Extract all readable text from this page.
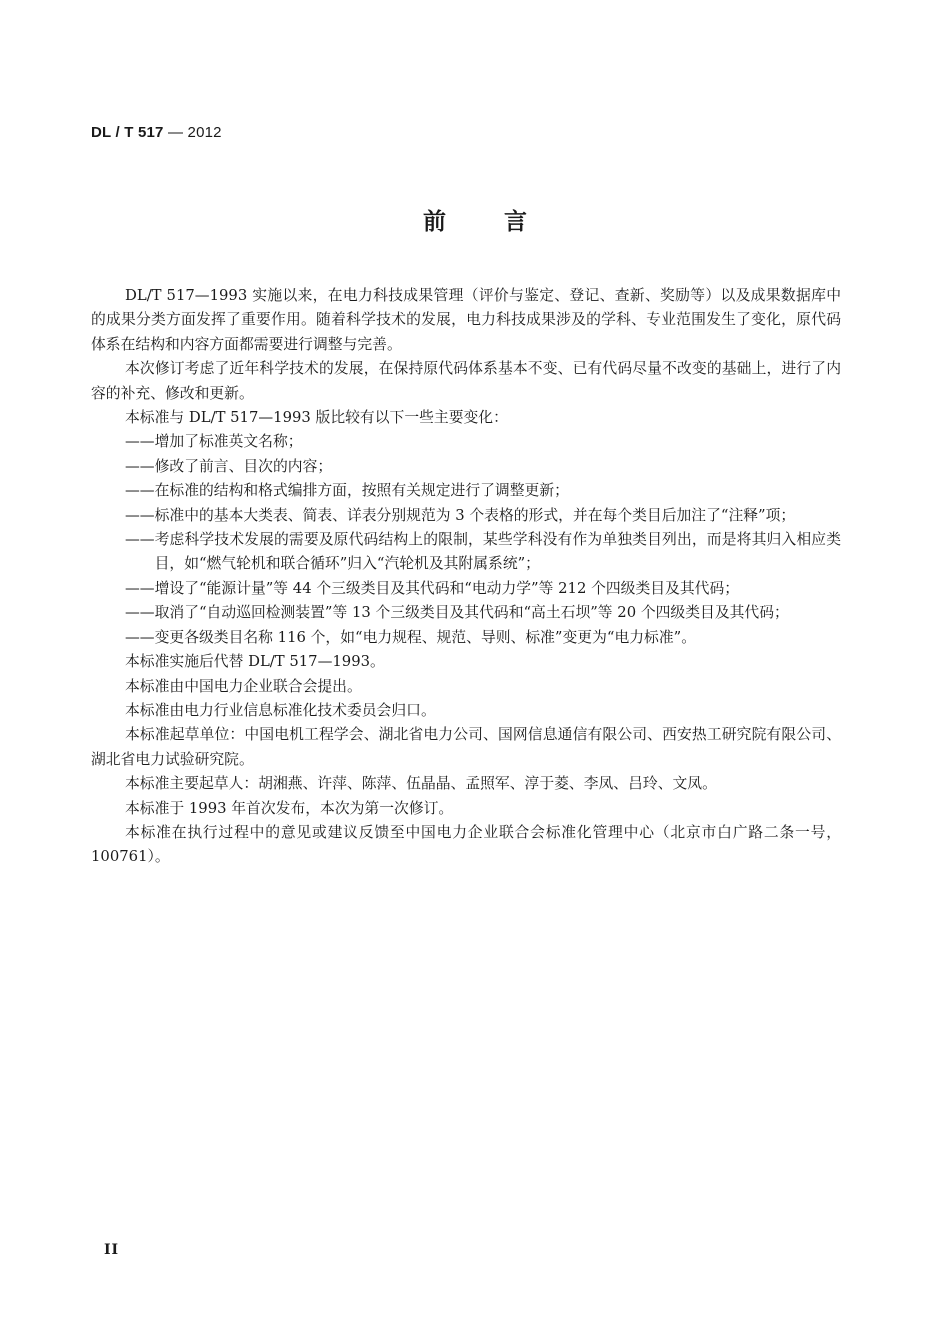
DL / T 517 — 2012
前言

DL/T 517—1993 实施以来，在电力科技成果管理（评价与鉴定、登记、查新、奖励等）以及成果数据库中的成果分类方面发挥了重要作用。随着科学技术的发展，电力科技成果涉及的学科、专业范围发生了变化，原代码体系在结构和内容方面都需要进行调整与完善。

本次修订考虑了近年科学技术的发展，在保持原代码体系基本不变、已有代码尽量不改变的基础上，进行了内容的补充、修改和更新。

本标准与 DL/T 517—1993 版比较有以下一些主要变化：

—— 增加了标准英文名称；
—— 修改了前言、目次的内容；
—— 在标准的结构和格式编排方面，按照有关规定进行了调整更新；
—— 标准中的基本大类表、简表、详表分别规范为 3 个表格的形式，并在每个类目后加注了“注释”项；
—— 考虑科学技术发展的需要及原代码结构上的限制，某些学科没有作为单独类目列出，而是将其归入相应类目，如“燃气轮机和联合循环”归入“汽轮机及其附属系统”；
—— 增设了“能源计量”等 44 个三级类目及其代码和“电动力学”等 212 个四级类目及其代码；
—— 取消了“自动巡回检测装置”等 13 个三级类目及其代码和“高土石坝”等 20 个四级类目及其代码；
—— 变更各级类目名称 116 个，如“电力规程、规范、导则、标准”变更为“电力标准”。

本标准实施后代替 DL/T 517—1993。

本标准由中国电力企业联合会提出。

本标准由电力行业信息标准化技术委员会归口。

本标准起草单位：中国电机工程学会、湖北省电力公司、国网信息通信有限公司、西安热工研究院有限公司、湖北省电力试验研究院。

本标准主要起草人：胡湘燕、许萍、陈萍、伍晶晶、孟照军、淳于菱、李凤、吕玲、文凤。

本标准于 1993 年首次发布，本次为第一次修订。

本标准在执行过程中的意见或建议反馈至中国电力企业联合会标准化管理中心（北京市白广路二条一号，100761）。

II
